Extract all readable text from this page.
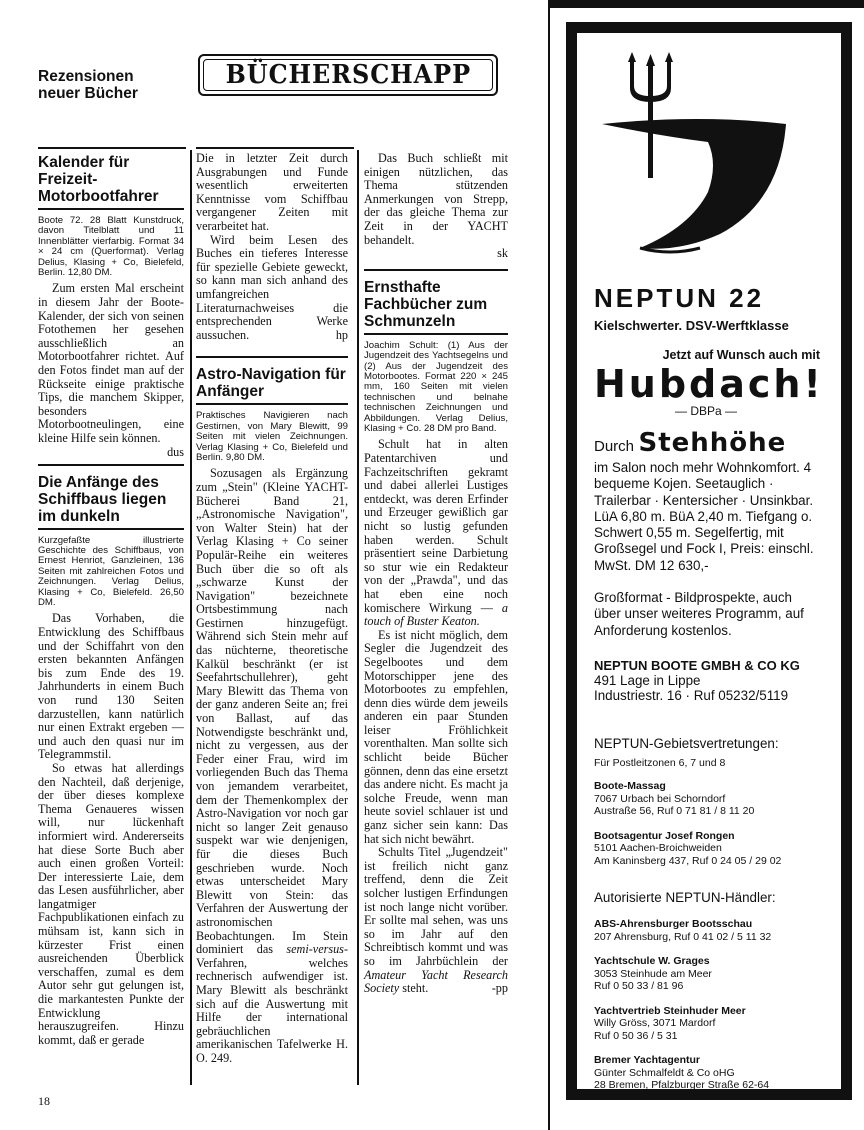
Rezensionen neuer Bücher
BÜCHERSCHAPP
Kalender für Freizeit-Motorbootfahrer

Boote 72. 28 Blatt Kunstdruck, davon Titelblatt und 11 Innenblätter vierfarbig. Format 34 × 24 cm (Querformat). Verlag Delius, Klasing + Co, Bielefeld, Berlin. 12,80 DM.

Zum ersten Mal erscheint in diesem Jahr der Boote-Kalender, der sich von seinen Fotothemen her gesehen ausschließlich an Motorbootfahrer richtet. Auf den Fotos findet man auf der Rückseite einige praktische Tips, die manchem Skipper, besonders Motorbootneulingen, eine kleine Hilfe sein können.
dus

Die Anfänge des Schiffbaus liegen im dunkeln

Kurzgefaßte illustrierte Geschichte des Schiffbaus, von Ernest Henriot, Ganzleinen, 136 Seiten mit zahlreichen Fotos und Zeichnungen. Verlag Delius, Klasing + Co, Bielefeld. 26,50 DM.

Das Vorhaben, die Entwicklung des Schiffbaus und der Schiffahrt von den ersten bekannten Anfängen bis zum Ende des 19. Jahrhunderts in einem Buch von rund 130 Seiten darzustellen, kann natürlich nur einen Extrakt ergeben — und auch den quasi nur im Telegrammstil.

So etwas hat allerdings den Nachteil, daß derjenige, der über dieses komplexe Thema Genaueres wissen will, nur lückenhaft informiert wird. Andererseits hat diese Sorte Buch aber auch einen großen Vorteil: Der interessierte Laie, dem das Lesen ausführlicher, aber langatmiger Fachpublikationen einfach zu mühsam ist, kann sich in kürzester Frist einen ausreichenden Überblick verschaffen, zumal es dem Autor sehr gut gelungen ist, die markantesten Punkte der Entwicklung herauszugreifen. Hinzu kommt, daß er gerade

Die in letzter Zeit durch Ausgrabungen und Funde wesentlich erweiterten Kenntnisse vom Schiffbau vergangener Zeiten mit verarbeitet hat.

Wird beim Lesen des Buches ein tieferes Interesse für spezielle Gebiete geweckt, so kann man sich anhand des umfangreichen Literaturnachweises die entsprechenden Werke aussuchen.	hp

Astro-Navigation für Anfänger

Praktisches Navigieren nach Gestirnen, von Mary Blewitt, 99 Seiten mit vielen Zeichnungen. Verlag Klasing + Co, Bielefeld und Berlin. 9,80 DM.

Sozusagen als Ergänzung zum „Stein" (Kleine YACHT-Bücherei Band 21, „Astronomische Navigation", von Walter Stein) hat der Verlag Klasing + Co seiner Populär-Reihe ein weiteres Buch über die so oft als „schwarze Kunst der Navigation" bezeichnete Ortsbestimmung nach Gestirnen hinzugefügt. Während sich Stein mehr auf das nüchterne, theoretische Kalkül beschränkt (er ist Seefahrtschullehrer), geht Mary Blewitt das Thema von der ganz anderen Seite an; frei von Ballast, auf das Notwendigste beschränkt und, nicht zu vergessen, aus der Feder einer Frau, wird im vorliegenden Buch das Thema von jemandem verarbeitet, dem der Themenkomplex der Astro-Navigation vor noch gar nicht so langer Zeit genauso suspekt war wie denjenigen, für die dieses Buch geschrieben wurde. Noch etwas unterscheidet Mary Blewitt von Stein: das Verfahren der Auswertung der astronomischen Beobachtungen. Im Stein dominiert das semi-versus-Verfahren, welches rechnerisch aufwendiger ist. Mary Blewitt als beschränkt sich auf die Auswertung mit Hilfe der international gebräuchlichen amerikanischen Tafelwerke H. O. 249.

Das Buch schließt mit einigen nützlichen, das Thema stützenden Anmerkungen von Strepp, der das gleiche Thema zur Zeit in der YACHT behandelt.

sk

Ernsthafte Fachbücher zum Schmunzeln

Joachim Schult: (1) Aus der Jugendzeit des Yachtsegelns und (2) Aus der Jugendzeit des Motorbootes. Format 220 × 245 mm, 160 Seiten mit vielen technischen und belnahe technischen Zeichnungen und Abbildungen. Verlag Delius, Klasing + Co. 28 DM pro Band.

Schult hat in alten Patentarchiven und Fachzeitschriften gekramt und dabei allerlei Lustiges entdeckt, was deren Erfinder und Erzeuger gewißlich gar nicht so lustig gefunden haben werden. Schult präsentiert seine Darbietung so stur wie ein Redakteur von der „Prawda", und das hat eben eine noch komischere Wirkung — a touch of Buster Keaton.

Es ist nicht möglich, dem Segler die Jugendzeit des Segelbootes und dem Motorschipper jene des Motorbootes zu empfehlen, denn dies würde dem jeweils anderen ein paar Stunden leiser Fröhlichkeit vorenthalten. Man sollte sich schlicht beide Bücher gönnen, denn das eine ersetzt das andere nicht. Es macht ja solche Freude, wenn man heute soviel schlauer ist und ganz sicher sein kann: Das hat sich nicht bewährt.

Schults Titel „Jugendzeit" ist freilich nicht ganz treffend, denn die Zeit solcher lustigen Erfindungen ist noch lange nicht vorüber. Er sollte mal sehen, was uns so im Jahr auf den Schreibtisch kommt und was so im Jahrbüchlein der Amateur Yacht Research Society steht.	-pp

18
NEPTUN 22
Kielschwerter. DSV-Werftklasse
Jetzt auf Wunsch auch mit
Hubdach!
— DBPa —
Durch Stehhöhe
im Salon noch mehr Wohnkomfort. 4 bequeme Kojen. Seetauglich · Trailerbar · Kentersicher · Unsinkbar. LüA 6,80 m. BüA 2,40 m. Tiefgang o. Schwert 0,55 m. Segelfertig, mit Großsegel und Fock I, Preis: einschl. MwSt. DM 12 630,-
Großformat - Bildprospekte, auch über unser weiteres Programm, auf Anforderung kostenlos.
NEPTUN BOOTE GMBH & CO KG
491 Lage in Lippe
Industriestr. 16 · Ruf 05232/5119
NEPTUN-Gebietsvertretungen:
Für Postleitzonen 6, 7 und 8
Boote-Massag
7067 Urbach bei Schorndorf
Austraße 56, Ruf 0 71 81 / 8 11 20
Bootsagentur Josef Rongen
5101 Aachen-Broichweiden
Am Kaninsberg 437, Ruf 0 24 05 / 29 02
Autorisierte NEPTUN-Händler:
ABS-Ahrensburger Bootsschau
207 Ahrensburg, Ruf 0 41 02 / 5 11 32
Yachtschule W. Grages
3053 Steinhude am Meer
Ruf 0 50 33 / 81 96
Yachtvertrieb Steinhuder Meer
Willy Gröss, 3071 Mardorf
Ruf 0 50 36 / 5 31
Bremer Yachtagentur
Günter Schmalfeldt & Co oHG
28 Bremen, Pfalzburger Straße 62-64
